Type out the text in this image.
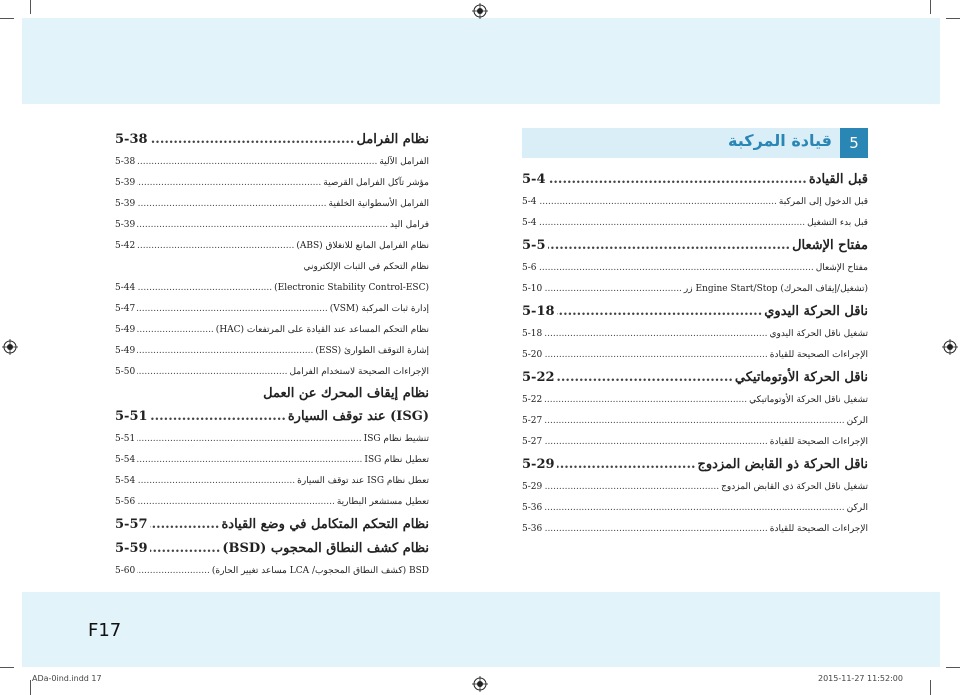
5
قيادة المركبة
قبل القيادة
.....
5-4
قبل الدخول إلى المركبة
.....
5-4
قبل بدء التشغيل
.....
5-4
مفتاح الإشعال
.....
5-5
مفتاح الإشعال
.....
5-6
(تشغيل/إيقاف المحرك) Engine Start/Stop زر
.....
5-10
ناقل الحركة اليدوي
.....
5-18
تشغيل ناقل الحركة اليدوي
.....
5-18
الإجراءات الصحيحة للقيادة
.....
5-20
ناقل الحركة الأوتوماتيكي
.....
5-22
تشغيل ناقل الحركة الأوتوماتيكي
.....
5-22
الركن
.....
5-27
الإجراءات الصحيحة للقيادة
.....
5-27
ناقل الحركة ذو القابض المزدوج
.....
5-29
تشغيل ناقل الحركة ذي القابض المزدوج
.....
5-29
الركن
.....
5-36
الإجراءات الصحيحة للقيادة
.....
5-36
نظام الفرامل
.....
5-38
الفرامل الآلية
.....
5-38
مؤشر تآكل الفرامل القرصية
.....
5-39
الفرامل الأسطوانية الخلفية
.....
5-39
فرامل اليد
.....
5-39
نظام الفرامل المانع للانغلاق (ABS)
.....
5-42
نظام التحكم في الثبات الإلكتروني
(Electronic Stability Control-ESC)
.....
5-44
إدارة ثبات المركبة (VSM)
.....
5-47
نظام التحكم المساعد عند القيادة على المرتفعات (HAC)
.....
5-49
إشارة التوقف الطوارئ (ESS)
.....
5-49
الإجراءات الصحيحة لاستخدام الفرامل
.....
5-50
نظام إيقاف المحرك عن العمل
(ISG) عند توقف السيارة
.....
5-51
تنشيط نظام ISG
.....
5-51
تعطيل نظام ISG
.....
5-54
تعطل نظام ISG عند توقف السيارة
.....
5-54
تعطيل مستشعر البطارية
.....
5-56
نظام التحكم المتكامل في وضع القيادة
.....
5-57
نظام كشف النطاق المحجوب (BSD)
.....
5-59
BSD (كشف النطاق المحجوب/ LCA مساعد تغيير الحارة)
.....
5-60
F17
ADa-0ind.indd 17	2015-11-27 11:52:00
